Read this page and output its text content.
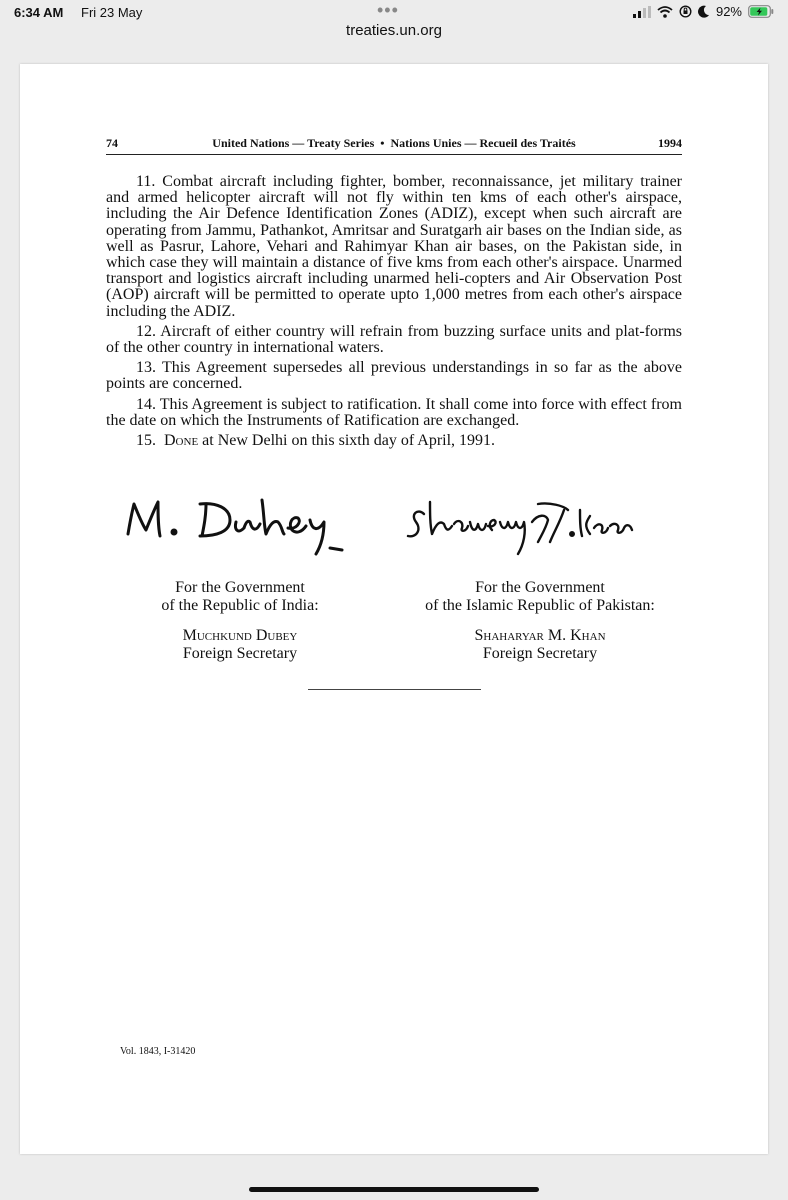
6:34 AM Fri 23 May	•••	92%
treaties.un.org
74	United Nations — Treaty Series  •  Nations Unies — Recueil des Traités	1994

11. Combat aircraft including fighter, bomber, reconnaissance, jet military trainer and armed helicopter aircraft will not fly within ten kms of each other's airspace, including the Air Defence Identification Zones (ADIZ), except when such aircraft are operating from Jammu, Pathankot, Amritsar and Suratgarh air bases on the Indian side, as well as Pasrur, Lahore, Vehari and Rahimyar Khan air bases, on the Pakistan side, in which case they will maintain a distance of five kms from each other's airspace. Unarmed transport and logistics aircraft including unarmed heli-copters and Air Observation Post (AOP) aircraft will be permitted to operate upto 1,000 metres from each other's airspace including the ADIZ.

12. Aircraft of either country will refrain from buzzing surface units and plat-forms of the other country in international waters.

13. This Agreement supersedes all previous understandings in so far as the above points are concerned.

14. This Agreement is subject to ratification. It shall come into force with effect from the date on which the Instruments of Ratification are exchanged.

15. Done at New Delhi on this sixth day of April, 1991.

For the Government
of the Republic of India:

Muchkund Dubey
Foreign Secretary

For the Government
of the Islamic Republic of Pakistan:

Shaharyar M. Khan
Foreign Secretary

Vol. 1843, I-31420
